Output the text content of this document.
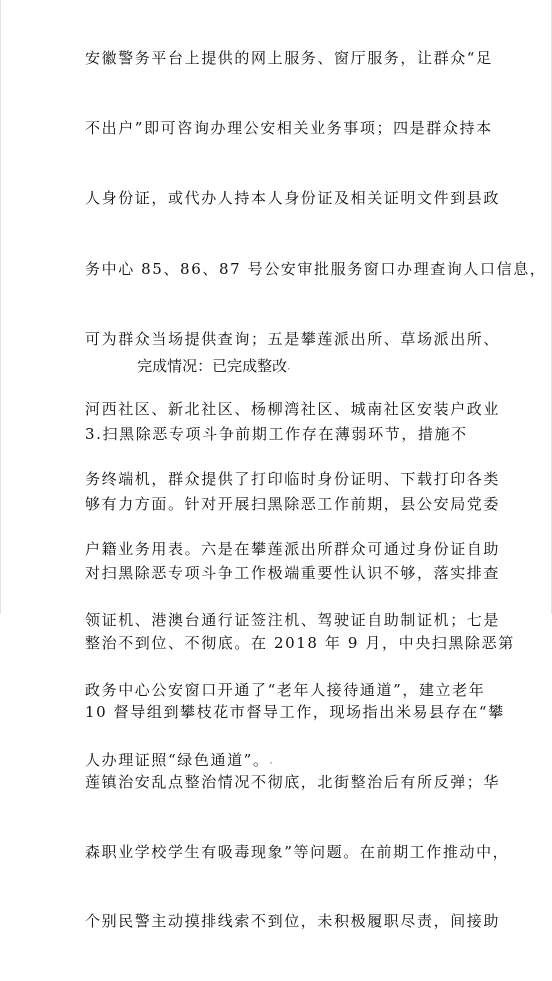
安徽警务平台上提供的网上服务、窗厅服务，让群众“足

不出户”即可咨询办理公安相关业务事项；四是群众持本

人身份证，或代办人持本人身份证及相关证明文件到县政

务中心 85、86、87 号公安审批服务窗口办理查询人口信息，

可为群众当场提供查询；五是攀莲派出所、草场派出所、

河西社区、新北社区、杨柳湾社区、城南社区安装户政业

务终端机，群众提供了打印临时身份证明、下载打印各类

户籍业务用表。六是在攀莲派出所群众可通过身份证自助

领证机、港澳台通行证签注机、驾驶证自助制证机；七是

政务中心公安窗口开通了“老年人接待通道”，建立老年

人办理证照“绿色通道”。⸳

完成情况：已完成整改⸳

3.扫黑除恶专项斗争前期工作存在薄弱环节，措施不

够有力方面。针对开展扫黑除恶工作前期，县公安局党委

对扫黑除恶专项斗争工作极端重要性认识不够，落实排查

整治不到位、不彻底。在 2018 年 9 月，中央扫黑除恶第

10 督导组到攀枝花市督导工作，现场指出米易县存在“攀

莲镇治安乱点整治情况不彻底，北街整治后有所反弹；华

森职业学校学生有吸毒现象”等问题。在前期工作推动中，

个别民警主动摸排线索不到位，未积极履职尽责，间接助
